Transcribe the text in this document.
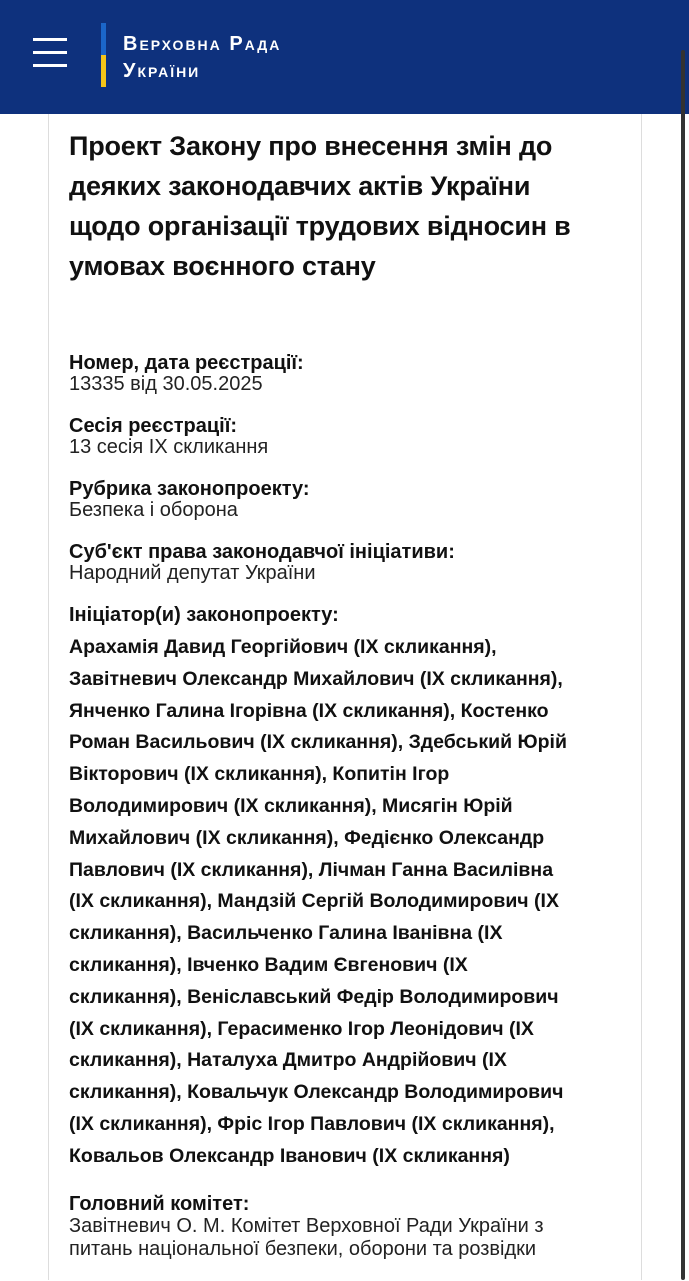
Верховна Рада
України
Проект Закону про внесення змін до
деяких законодавчих актів України
щодо організації трудових відносин в
умовах воєнного стану
Номер, дата реєстрації:
13335 від 30.05.2025
Сесія реєстрації:
13 сесія IX скликання
Рубрика законопроекту:
Безпека і оборона
Суб'єкт права законодавчої ініціативи:
Народний депутат України
Ініціатор(и) законопроекту:
Арахамія Давид Георгійович (IX скликання),
Завітневич Олександр Михайлович (IX скликання),
Янченко Галина Ігорівна (IX скликання), Костенко
Роман Васильович (IX скликання), Здебський Юрій
Вікторович (IX скликання), Копитін Ігор
Володимирович (IX скликання), Мисягін Юрій
Михайлович (IX скликання), Федієнко Олександр
Павлович (IX скликання), Лічман Ганна Василівна
(IX скликання), Мандзій Сергій Володимирович (IX
скликання), Васильченко Галина Іванівна (IX
скликання), Івченко Вадим Євгенович (IX
скликання), Веніславський Федір Володимирович
(IX скликання), Герасименко Ігор Леонідович (IX
скликання), Наталуха Дмитро Андрійович (IX
скликання), Ковальчук Олександр Володимирович
(IX скликання), Фріс Ігор Павлович (IX скликання),
Ковальов Олександр Іванович (IX скликання)
Головний комітет:
Завітневич О. М. Комітет Верховної Ради України з
питань національної безпеки, оборони та розвідки
